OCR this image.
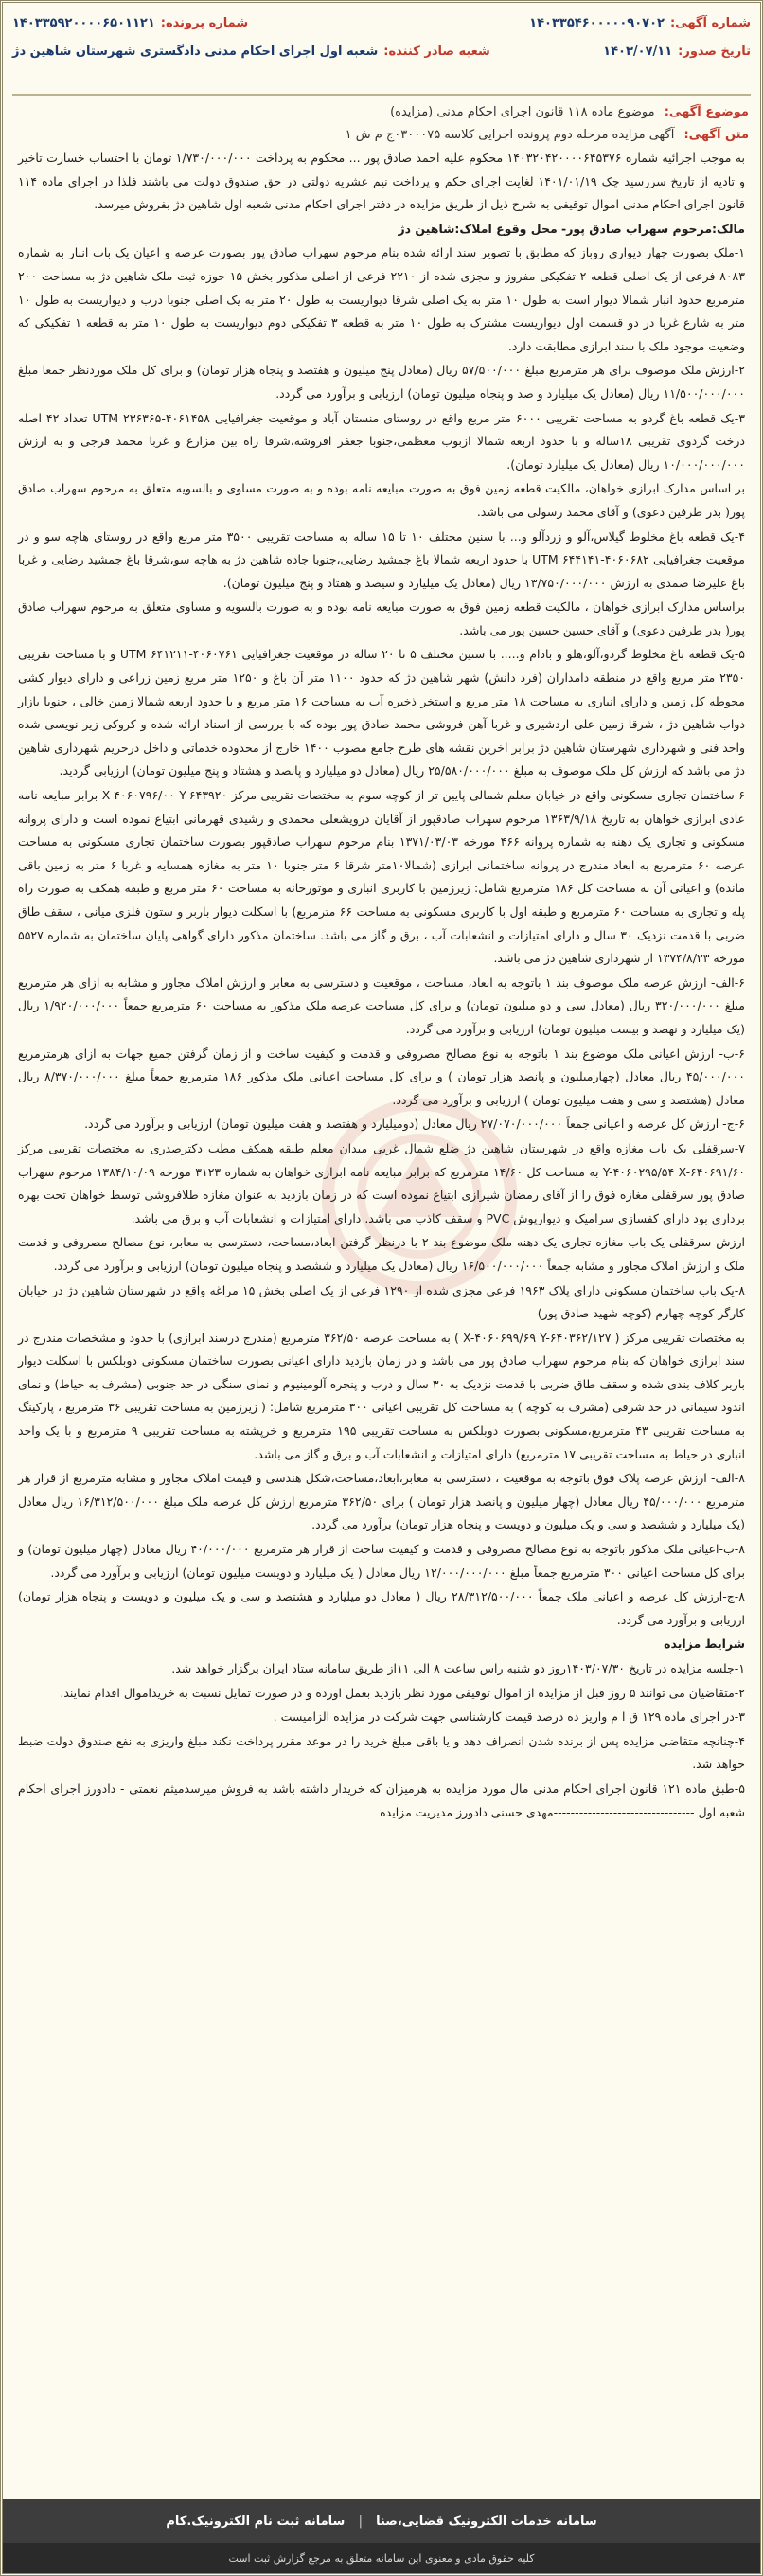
شماره آگهی:
۱۴۰۳۳۵۴۶۰۰۰۰۰۹۰۷۰۲
شماره پرونده:
۱۴۰۳۳۵۹۲۰۰۰۰۶۵۰۱۱۲۱
تاریخ صدور:
۱۴۰۳/۰۷/۱۱
شعبه صادر کننده:
شعبه اول اجرای احکام مدنی دادگستری شهرستان شاهین دژ
موضوع آگهی: موضوع ماده ۱۱۸ قانون اجرای احکام مدنی (مزایده)
متن آگهی: آگهی مزایده مرحله دوم پرونده اجرایی کلاسه ۰۳۰۰۰۷۵ج م ش ۱

به موجب اجرائیه شماره ۱۴۰۳۲۰۴۲۰۰۰۰۶۴۵۳۷۶ محکوم علیه احمد صادق پور ... محکوم به پرداخت ۱/۷۳۰/۰۰۰/۰۰۰ تومان با احتساب خسارت تاخیر و تادیه از تاریخ سررسید چک ۱۴۰۱/۰۱/۱۹ لغایت اجرای حکم و پرداخت نیم عشریه دولتی در حق صندوق دولت می باشند فلذا در اجرای ماده ۱۱۴ قانون اجرای احکام مدنی اموال توقیفی به شرح ذیل از طریق مزایده در دفتر اجرای احکام مدنی شعبه اول شاهین دژ بفروش میرسد.

مالک:مرحوم سهراب صادق پور- محل وقوع املاک:شاهین دژ

۱-ملک بصورت چهار دیواری روباز که مطابق با تصویر سند ارائه شده بنام مرحوم سهراب صادق پور بصورت عرصه و اعیان یک باب انبار به شماره ۸۰۸۳ فرعی از یک اصلی قطعه ۲ تفکیکی مفروز و مجزی شده از ۲۲۱۰ فرعی از اصلی مذکور بخش ۱۵ حوزه ثبت ملک شاهین دژ به مساحت ۲۰۰ مترمربع حدود انبار شمالا دیوار است به طول ۱۰ متر به یک اصلی شرقا دیواریست به طول ۲۰ متر به یک اصلی جنوبا درب و دیواریست به طول ۱۰ متر به شارع غربا در دو قسمت اول دیواریست مشترک به طول ۱۰ متر به قطعه ۳ تفکیکی دوم دیواریست به طول ۱۰ متر به قطعه ۱ تفکیکی که وضعیت موجود ملک با سند ابرازی مطابقت دارد.

۲-ارزش ملک موصوف برای هر مترمربع مبلغ ۵۷/۵۰۰/۰۰۰ ریال (معادل پنج میلیون و هفتصد و پنجاه هزار تومان) و برای کل ملک موردنظر جمعا مبلغ ۱۱/۵۰۰/۰۰۰/۰۰۰ ریال (معادل یک میلیارد و صد و پنجاه میلیون تومان) ارزیابی و برآورد می گردد.

۳-یک قطعه باغ گردو به مساحت تقریبی ۶۰۰۰ متر مربع واقع در روستای منستان آباد و موقعیت جغرافیایی ۴۰۶۱۴۵۸-۲۳۶۳۶۵ UTM تعداد ۴۲ اصله درخت گردوی تقریبی ۱۸ساله و با حدود اربعه شمالا ازبوب معظمی،جنوبا جعفر افروشه،شرقا راه بین مزارع و غربا محمد فرجی و به ارزش ۱۰/۰۰۰/۰۰۰/۰۰۰ ریال (معادل یک میلیارد تومان).

بر اساس مدارک ابرازی خواهان، مالکیت قطعه زمین فوق به صورت مبایعه نامه بوده و به صورت مساوی و بالسویه متعلق به مرحوم سهراب صادق پور( بدر طرفین دعوی) و آقای محمد رسولی می باشد.

۴-یک قطعه باغ مخلوط گیلاس،آلو و زردآلو و... با سنین مختلف ۱۰ تا ۱۵ ساله به مساحت تقریبی ۳۵۰۰ متر مربع واقع در روستای هاچه سو و در موقعیت جغرافیایی ۴۰۶۰۶۸۲-۶۴۴۱۴۱ UTM با حدود اربعه شمالا باغ جمشید رضایی،جنوبا جاده شاهین دژ به هاچه سو،شرقا باغ جمشید رضایی و غربا باغ علیرضا صمدی به ارزش ۱۳/۷۵۰/۰۰۰/۰۰۰ ریال (معادل یک میلیارد و سیصد و هفتاد و پنج میلیون تومان).

براساس مدارک ابرازی خواهان ، مالکیت قطعه زمین فوق به صورت مبایعه نامه بوده و به صورت بالسویه و مساوی متعلق به مرحوم سهراب صادق پور( بدر طرفین دعوی) و آقای حسین حسین پور می باشد.

۵-یک قطعه باغ مخلوط گردو،آلو،هلو و بادام و..... با سنین مختلف ۵ تا ۲۰ ساله در موقعیت جغرافیایی ۴۰۶۰۷۶۱-۶۴۱۲۱۱ UTM و با مساحت تقریبی ۲۳۵۰ متر مربع واقع در منطقه دامداران (فرد دانش) شهر شاهین دژ که حدود ۱۱۰۰ متر آن باغ و ۱۲۵۰ متر مربع زمین زراعی و دارای دیوار کشی محوطه کل زمین و دارای انباری به مساحت ۱۸ متر مربع و استخر ذخیره آب به مساحت ۱۶ متر مربع و با حدود اربعه شمالا زمین خالی ، جنوبا بازار دواب شاهین دژ ، شرقا زمین علی اردشیری و غربا آهن فروشی محمد صادق پور بوده که با بررسی از اسناد ارائه شده و کروکی زیر نویسی شده واحد فنی و شهرداری شهرستان شاهین دژ برابر اخرین نقشه های طرح جامع مصوب ۱۴۰۰ خارج از محدوده خدماتی و داخل درحریم شهرداری شاهین دژ می باشد که ارزش کل ملک موصوف به مبلغ ۲۵/۵۸۰/۰۰۰/۰۰۰ ریال (معادل دو میلیارد و پانصد و هشتاد و پنج میلیون تومان) ارزیابی گردید.

۶-ساختمان تجاری مسکونی واقع در خیابان معلم شمالی پایین تر از کوچه سوم به مختصات تقریبی مرکز X-۴۰۶۰۷۹۶/۰۰ Y-۶۴۳۹۲۰ برابر مبایعه نامه عادی ابرازی خواهان به تاریخ ۱۳۶۳/۹/۱۸ مرحوم سهراب صادقپور از آقایان درویشعلی محمدی و رشیدی قهرمانی ابتیاع نموده است و دارای پروانه مسکونی و تجاری یک دهنه به شماره پروانه ۴۶۶ مورخه ۱۳۷۱/۰۳/۰۳ بنام مرحوم سهراب صادقپور بصورت ساختمان تجاری مسکونی به مساحت عرصه ۶۰ مترمربع به ابعاد مندرج در پروانه ساختمانی ابرازی (شمالا۱۰متر شرقا ۶ متر جنوبا ۱۰ متر به مغازه همسایه و غربا ۶ متر به زمین باقی مانده) و اعیانی آن به مساحت کل ۱۸۶ مترمربع شامل: زیرزمین با کاربری انباری و موتورخانه به مساحت ۶۰ متر مربع و طبقه همکف به صورت راه پله و تجاری به مساحت ۶۰ مترمربع و طبقه اول با کاربری مسکونی به مساحت ۶۶ مترمربع) با اسکلت دیوار باربر و ستون فلزی میانی ، سقف طاق ضربی با قدمت نزدیک ۳۰ سال و دارای امتیازات و انشعابات آب ، برق و گاز می باشد. ساختمان مذکور دارای گواهی پایان ساختمان به شماره ۵۵۲۷ مورخه ۱۳۷۴/۸/۲۳ از شهرداری شاهین دژ می باشد.

۶-الف- ارزش عرصه ملک موصوف بند ۱ باتوجه به ابعاد، مساحت ، موقعیت و دسترسی به معابر و ارزش املاک مجاور و مشابه به ازای هر مترمربع مبلغ ۳۲۰/۰۰۰/۰۰۰ ریال (معادل سی و دو میلیون تومان) و برای کل مساحت عرصه ملک مذکور به مساحت ۶۰ مترمربع جمعاً ۱/۹۲۰/۰۰۰/۰۰۰ ریال (یک میلیارد و نهصد و بیست میلیون تومان) ارزیابی و برآورد می گردد.

۶-ب- ارزش اعیانی ملک موضوع بند ۱ باتوجه به نوع مصالح مصروفی و قدمت و کیفیت ساخت و از زمان گرفتن جمیع جهات به ازای هرمترمربع ۴۵/۰۰۰/۰۰۰ ریال معادل (چهارمیلیون و پانصد هزار تومان ) و برای کل مساحت اعیانی ملک مذکور ۱۸۶ مترمربع جمعاً مبلغ ۸/۳۷۰/۰۰۰/۰۰۰ ریال معادل (هشتصد و سی و هفت میلیون تومان ) ارزیابی و برآورد می گردد.

۶-ج- ارزش کل عرصه و اعیانی جمعاً ۲۷/۰۷۰/۰۰۰/۰۰۰ ریال معادل (دومیلیارد و هفتصد و هفت میلیون تومان) ارزیابی و برآورد می گردد.

۷-سرقفلی یک باب مغازه واقع در شهرستان شاهین دژ ضلع شمال غربی میدان معلم طبقه همکف مطب دکترصدری به مختصات تقریبی مرکز Y-۴۰۶۰۲۹۵/۵۴ X-۶۴۰۶۹۱/۶۰ به مساحت کل ۱۴/۶۰ مترمربع که برابر مبایعه نامه ابرازی خواهان به شماره ۳۱۲۳ مورخه ۱۳۸۴/۱۰/۰۹ مرحوم سهراب صادق پور سرقفلی مغازه فوق را از آقای رمضان شیرازی ابتیاع نموده است که در زمان بازدید به عنوان مغازه طلافروشی توسط خواهان تحت بهره برداری بود دارای کفسازی سرامیک و دیوارپوش PVC و سقف کاذب می باشد. دارای امتیازات و انشعابات آب و برق می باشد.

ارزش سرقفلی یک باب مغازه تجاری یک دهنه ملک موضوع بند ۲ با درنظر گرفتن ابعاد،مساحت، دسترسی به معابر، نوع مصالح مصروفی و قدمت ملک و ارزش املاک مجاور و مشابه جمعاً ۱۶/۵۰۰/۰۰۰/۰۰۰ ریال (معادل یک میلیارد و ششصد و پنجاه میلیون تومان) ارزیابی و برآورد می گردد.

۸-یک باب ساختمان مسکونی دارای پلاک ۱۹۶۳ فرعی مجزی شده از ۱۲۹۰ فرعی از یک اصلی بخش ۱۵ مراغه واقع در شهرستان شاهین دژ در خیابان کارگر کوچه چهارم (کوچه شهید صادق پور)

به مختصات تقریبی مرکز ( X-۴۰۶۰۶۹۹/۶۹ Y-۶۴۰۳۶۲/۱۲۷ ) به مساحت عرصه ۳۶۲/۵۰ مترمربع (مندرج درسند ابرازی) با حدود و مشخصات مندرج در سند ابرازی خواهان که بنام مرحوم سهراب صادق پور می باشد و در زمان بازدید دارای اعیانی بصورت ساختمان مسکونی دوبلکس با اسکلت دیوار باربر کلاف بندی شده و سقف طاق ضربی با قدمت نزدیک به ۳۰ سال و درب و پنجره آلومینیوم و نمای سنگی در حد جنوبی (مشرف به حیاط) و نمای اندود سیمانی در حد شرقی (مشرف به کوچه ) به مساحت کل تقریبی اعیانی ۳۰۰ مترمربع شامل: ( زیرزمین به مساحت تقریبی ۳۶ مترمربع ، پارکینگ به مساحت تقریبی ۴۳ مترمربع،مسکونی بصورت دوبلکس به مساحت تقریبی ۱۹۵ مترمربع و خرپشته به مساحت تقریبی ۹ مترمربع و با یک واحد انباری در حیاط به مساحت تقریبی ۱۷ مترمربع) دارای امتیازات و انشعابات آب و برق و گاز می باشد.

۸-الف- ارزش عرصه پلاک فوق باتوجه به موقعیت ، دسترسی به معابر،ابعاد،مساحت،شکل هندسی و قیمت املاک مجاور و مشابه مترمربع از قرار هر مترمربع ۴۵/۰۰۰/۰۰۰ ریال معادل (چهار میلیون و پانصد هزار تومان ) برای ۳۶۲/۵۰ مترمربع ارزش کل عرصه ملک مبلغ ۱۶/۳۱۲/۵۰۰/۰۰۰ ریال معادل (یک میلیارد و ششصد و سی و یک میلیون و دویست و پنجاه هزار تومان) برآورد می گردد.

۸-ب-اعیانی ملک مذکور باتوجه به نوع مصالح مصروفی و قدمت و کیفیت ساخت از قرار هر مترمربع ۴۰/۰۰۰/۰۰۰ ریال معادل (چهار میلیون تومان) و برای کل مساحت اعیانی ۳۰۰ مترمربع جمعاً مبلغ ۱۲/۰۰۰/۰۰۰/۰۰۰ ریال معادل ( یک میلیارد و دویست میلیون تومان) ارزیابی و برآورد می گردد.

۸-ج-ارزش کل عرصه و اعیانی ملک جمعاً ۲۸/۳۱۲/۵۰۰/۰۰۰ ریال ( معادل دو میلیارد و هشتصد و سی و یک میلیون و دویست و پنجاه هزار تومان) ارزیابی و برآورد می گردد.

شرایط مزایده

۱-جلسه مزایده در تاریخ ۱۴۰۳/۰۷/۳۰روز دو شنبه راس ساعت ۸ الی ۱۱از طریق سامانه ستاد ایران برگزار خواهد شد.

۲-متقاضیان می توانند ۵ روز قبل از مزایده از اموال توقیفی مورد نظر بازدید بعمل اورده و در صورت تمایل نسبت به خریداموال اقدام نمایند.

۳-در اجرای ماده ۱۲۹ ق ا م واریز ده درصد قیمت کارشناسی جهت شرکت در مزایده الزامیست .

۴-چنانچه متقاضی مزایده پس از برنده شدن انصراف دهد و یا باقی مبلغ خرید را در موعد مقرر پرداخت نکند مبلغ واریزی به نفع صندوق دولت ضبط خواهد شد.

۵-طبق ماده ۱۲۱ قانون اجرای احکام مدنی مال مورد مزایده به هرمیزان که خریدار داشته باشد به فروش میرسدمیثم نعمتی - دادورز اجرای احکام شعبه اول ---------------------------------مهدی حسنی دادورز مدیریت مزایده

سامانه خدمات الکترونیک قضایی،صنا
|
سامانه ثبت نام الکترونیک.کام
کلیه حقوق مادی و معنوی این سامانه متعلق به مرجع گزارش ثبت است
